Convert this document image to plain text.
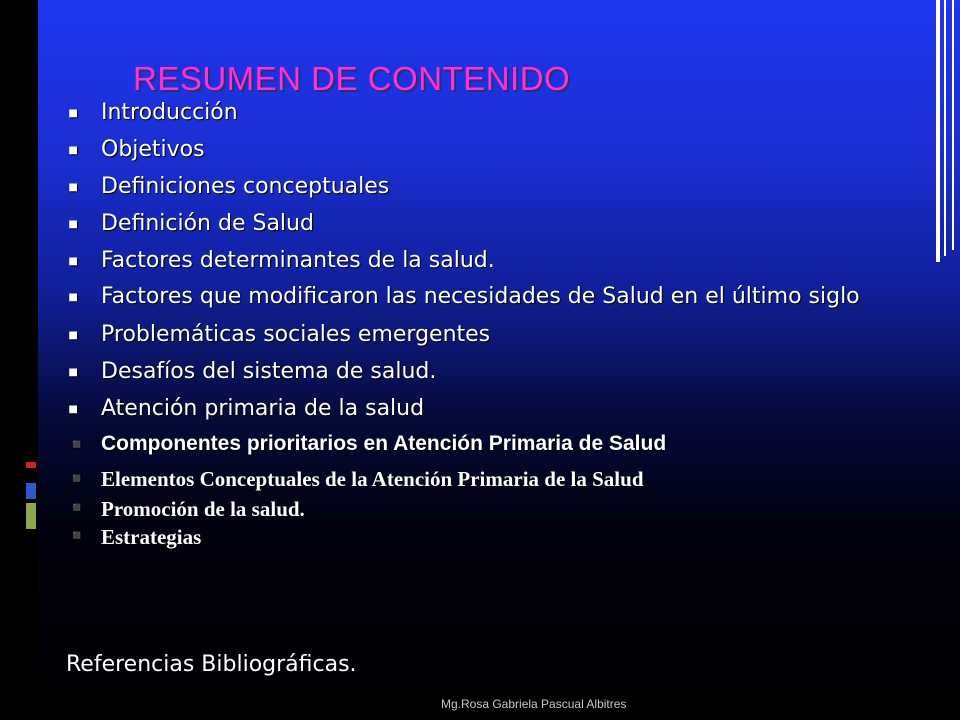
RESUMEN DE CONTENIDO
◾ Introducción
◾ Objetivos
◾ Definiciones conceptuales
◾ Definición de Salud
◾ Factores determinantes de la salud.
◾ Factores que modificaron las necesidades de Salud en el último siglo
◾ Problemáticas sociales emergentes
◾ Desafíos del sistema de salud.
◾ Atención primaria de la salud
◾ Componentes prioritarios en Atención Primaria de Salud
◾ Elementos Conceptuales de la Atención Primaria de la Salud
◾ Promoción de la salud.
◾ Estrategias

Referencias Bibliográficas.

Mg.Rosa Gabriela Pascual Albitres
